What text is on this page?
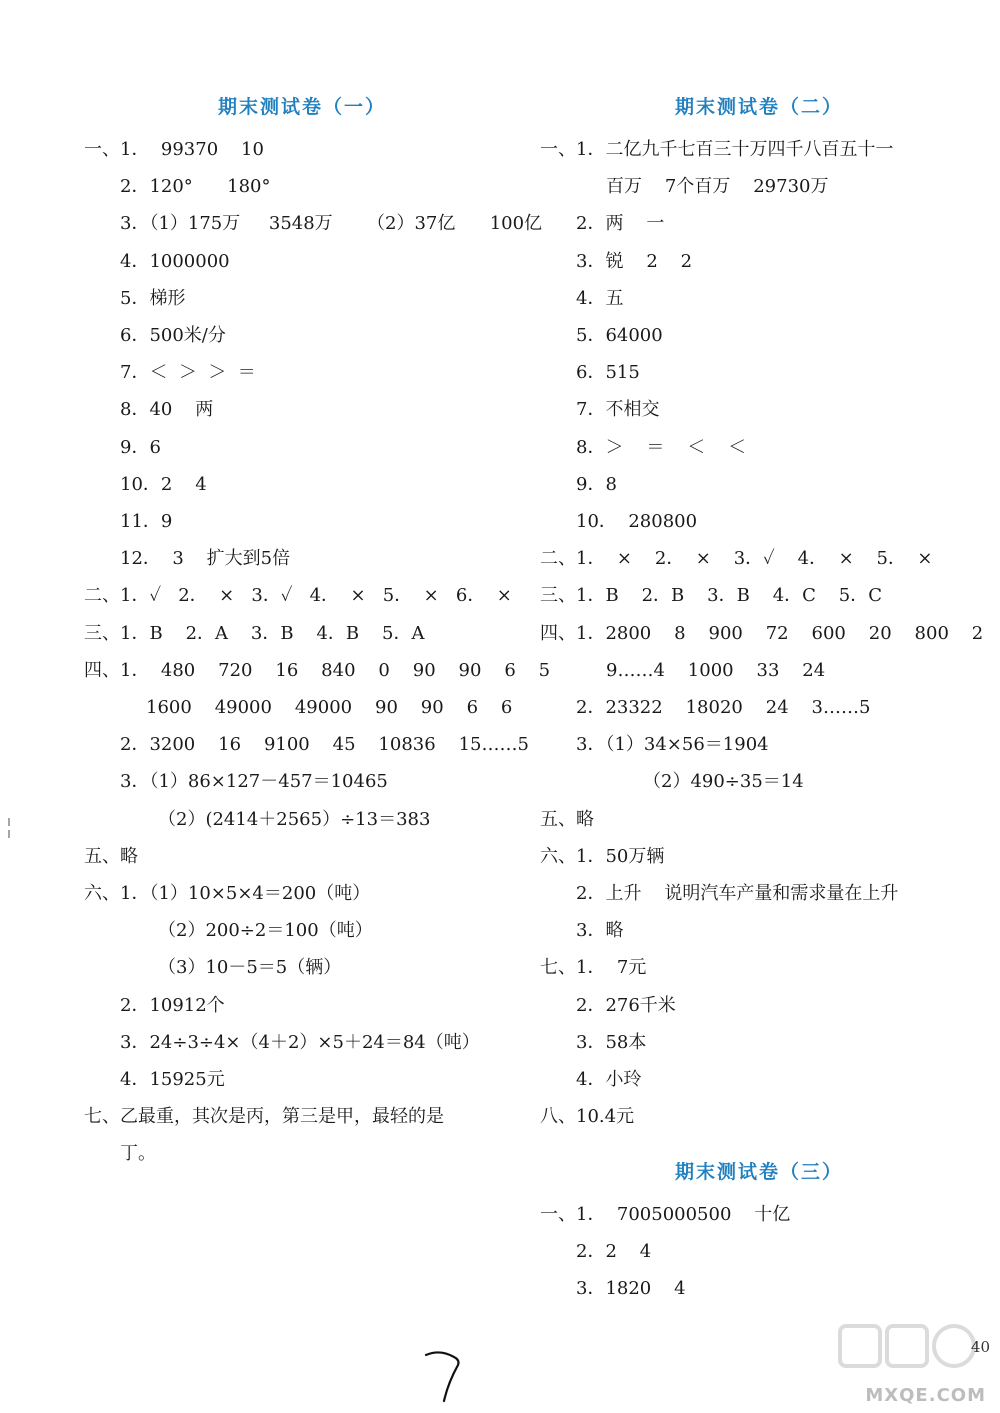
期末测试卷（一）
一、1．  99370    10
2．120°      180°
3．（1）175万     3548万      （2）37亿      100亿
4．1000000
5．梯形
6．500米/分
7．＜  ＞  ＞  ＝
8．40    两
9．6
10．2    4
11．9
12．  3    扩大到5倍
二、1．✓   2．  ×   3．✓   4．  ×   5．  ×   6．  ×
三、1．B    2．A    3．B    4．B    5．A
四、1．  480    720    16    840    0    90    90    6    5
1600    49000    49000    90    90    6    6
2．3200    16    9100    45    10836    15……5
3．（1）86×127－457＝10465
（2）(2414＋2565）÷13＝383
五、略
六、1．（1）10×5×4＝200（吨）
（2）200÷2＝100（吨）
（3）10－5＝5（辆）
2．10912个
3．24÷3÷4×（4＋2）×5＋24＝84（吨）
4．15925元
七、乙最重，其次是丙，第三是甲，最轻的是
丁。
期末测试卷（二）
一、1．二亿九千七百三十万四千八百五十一
百万    7个百万    29730万
2．两    一
3．锐    2    2
4．五
5．64000
6．515
7．不相交
8．＞    ＝    ＜    ＜
9．8
10．  280800
二、1．  ×    2．  ×    3．✓    4．  ×    5．  ×
三、1．B    2．B    3．B    4．C    5．C
四、1．2800    8    900    72    600    20    800    2
9……4    1000    33    24
2．23322    18020    24    3……5
3．（1）34×56＝1904
（2）490÷35＝14
五、略
六、1．50万辆
2．上升    说明汽车产量和需求量在上升
3．略
七、1．  7元
2．276千米
3．58本
4．小玲
八、10.4元
期末测试卷（三）
一、1．  7005000500    十亿
2．2    4
3．1820    4
MXQE.COM
40
